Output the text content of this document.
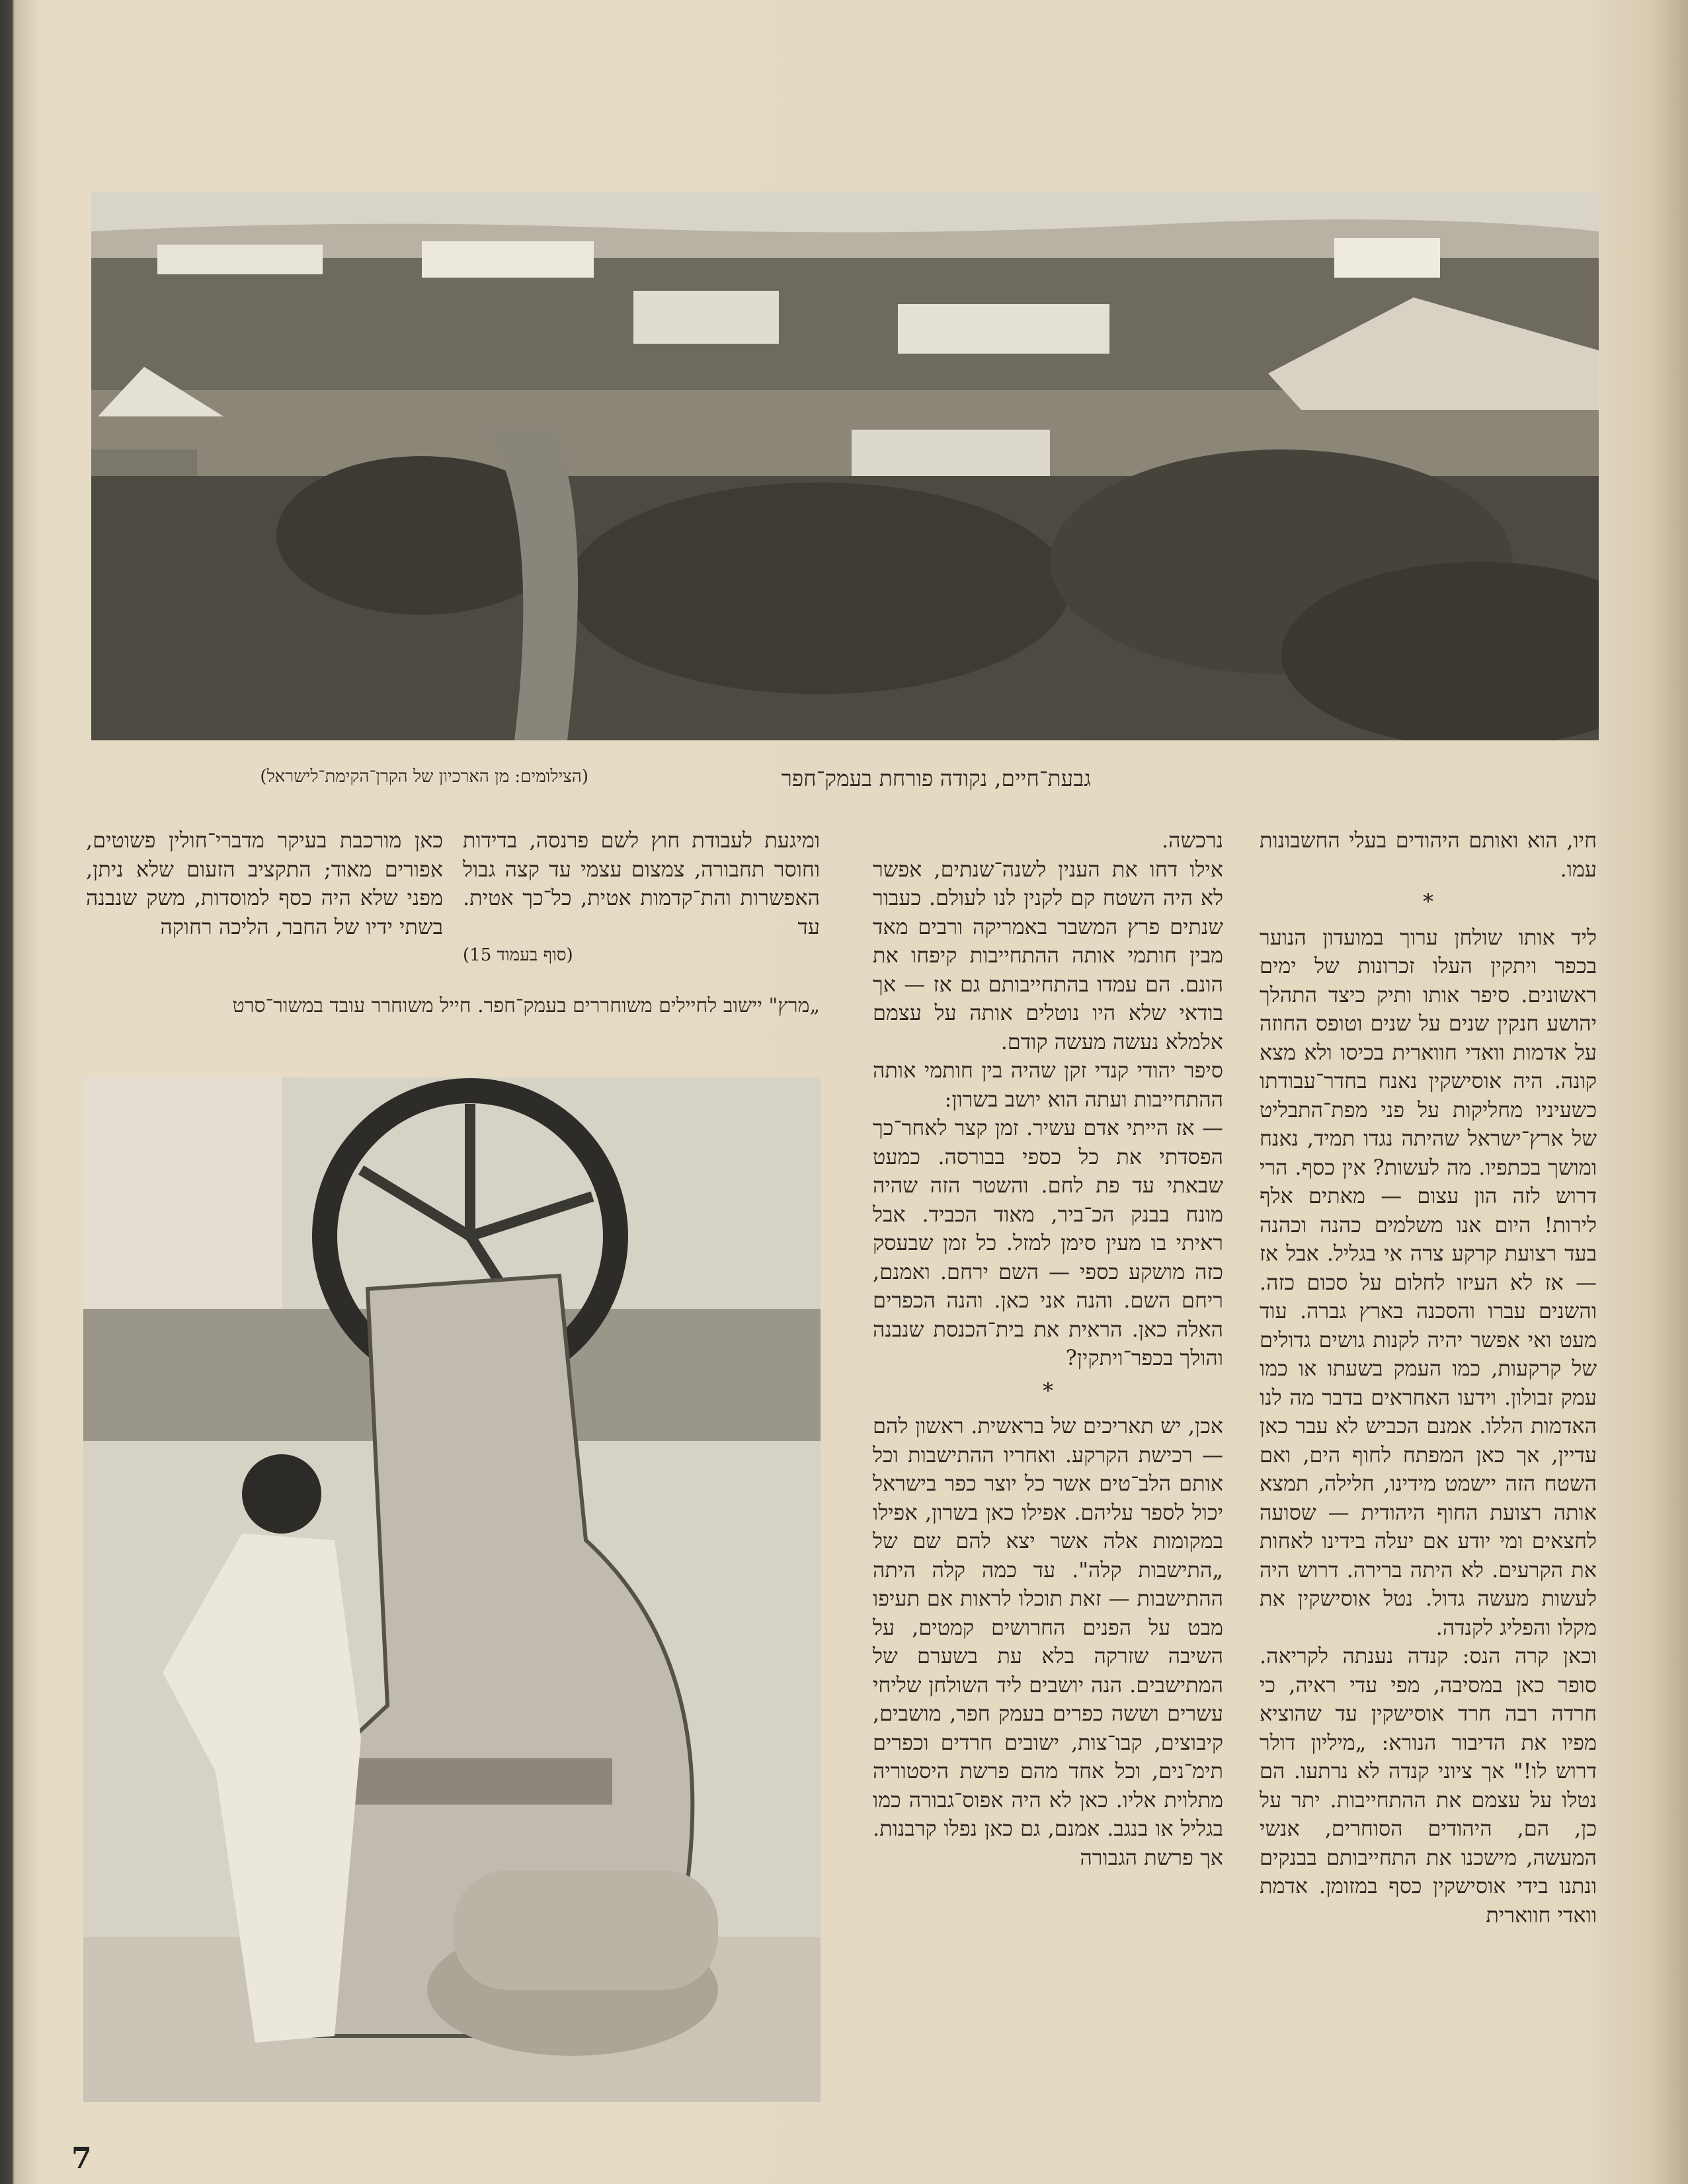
גבעת־חיים, נקודה פורחת בעמק־חפר
(הצילומים: מן הארכיון של הקרן־הקימת־לישראל)

חיו, הוא ואותם היהודים בעלי החשבונות עמו.

*

ליד אותו שולחן ערוך במועדון הנוער בכפר ויתקין העלו זכרונות של ימים ראשונים. סיפר אותו ותיק כיצד התהלך יהושע חנקין שנים על שנים וטופס החוזה על אדמות וואדי חווארית בכיסו ולא מצא קונה. היה אוסישקין נאנח בחדר־עבודתו כשעיניו מחליקות על פני מפת־התבליט של ארץ־ישראל שהיתה נגדו תמיד, נאנח ומושך בכתפיו. מה לעשות? אין כסף. הרי דרוש לזה הון עצום — מאתים אלף לירות! היום אנו משלמים כהנה וכהנה בעד רצועת קרקע צרה אי בגליל. אבל אז — אז לא העיזו לחלום על סכום כזה. והשנים עברו והסכנה בארץ גברה. עוד מעט ואי אפשר יהיה לקנות גושים גדולים של קרקעות, כמו העמק בשעתו או כמו עמק זבולון. וידעו האחראים בדבר מה לנו האדמות הללו. אמנם הכביש לא עבר כאן עדיין, אך כאן המפתח לחוף הים, ואם השטח הזה יישמט מידינו, חלילה, תמצא אותה רצועת החוף היהודית — שסועה לחצאים ומי יודע אם יעלה בידינו לאחות את הקרעים. לא היתה ברירה. דרוש היה לעשות מעשה גדול. נטל אוסישקין את מקלו והפליג לקנדה.

וכאן קרה הנס: קנדה נענתה לקריאה. סופר כאן במסיבה, מפי עדי ראיה, כי חרדה רבה חרד אוסישקין עד שהוציא מפיו את הדיבור הנורא: „מיליון דולר דרוש לו!" אך ציוני קנדה לא נרתעו. הם נטלו על עצמם את ההתחייבות. יתר על כן, הם, היהודים הסוחרים, אנשי המעשה, מישכנו את התחייבותם בבנקים ונתנו בידי אוסישקין כסף במזומן. אדמת וואדי חווארית

נרכשה.

אילו דחו את הענין לשנה־שנתים, אפשר לא היה השטח קם לקנין לנו לעולם. כעבור שנתים פרץ המשבר באמריקה ורבים מאד מבין חותמי אותה ההתחייבות קיפחו את הונם. הם עמדו בהתחייבותם גם אז — אך בודאי שלא היו נוטלים אותה על עצמם אלמלא נעשה מעשה קודם.

סיפר יהודי קנדי זקן שהיה בין חותמי אותה ההתחייבות ועתה הוא יושב בשרון:

— אז הייתי אדם עשיר. זמן קצר לאחר־כך הפסדתי את כל כספי בבורסה. כמעט שבאתי עד פת לחם. והשטר הזה שהיה מונח בבנק הכ־ביר, מאוד הכביד. אבל ראיתי בו מעין סימן למזל. כל זמן שבעסק כזה מושקע כספי — השם ירחם. ואמנם, ריחם השם. והנה אני כאן. והנה הכפרים האלה כאן. הראית את בית־הכנסת שנבנה והולך בכפר־ויתקין?

*

אכן, יש תאריכים של בראשית. ראשון להם — רכישת הקרקע. ואחריו ההתישבות וכל אותם הלב־טים אשר כל יוצר כפר בישראל יכול לספר עליהם. אפילו כאן בשרון, אפילו במקומות אלה אשר יצא להם שם של „התישבות קלה". עד כמה קלה היתה ההתישבות — זאת תוכלו לראות אם תעיפו מבט על הפנים החרושים קמטים, על השיבה שזרקה בלא עת בשערם של המתישבים. הנה יושבים ליד השולחן שליחי עשרים וששה כפרים בעמק חפר, מושבים, קיבוצים, קבו־צות, ישובים חרדים וכפרים תימ־נים, וכל אחד מהם פרשת היסטוריה מתלוית אליו. כאן לא היה אפוס־גבורה כמו בגליל או בנגב. אמנם, גם כאן נפלו קרבנות. אך פרשת הגבורה

כאן מורכבת בעיקר מדברי־חולין פשוטים, אפורים מאוד; התקציב הזעום שלא ניתן, מפני שלא היה כסף למוסדות, משק שנבנה בשתי ידיו של החבר, הליכה רחוקה
ומיגעת לעבודת חוץ לשם פרנסה, בדידות וחוסר תחבורה, צמצום עצמי עד קצה גבול האפשרות והת־קדמות אטית, כל־כך אטית. עד
(סוף בעמוד 15)
„מרץ" יישוב לחיילים משוחררים בעמק־חפר. חייל משוחרר עובד במשור־סרט
7
